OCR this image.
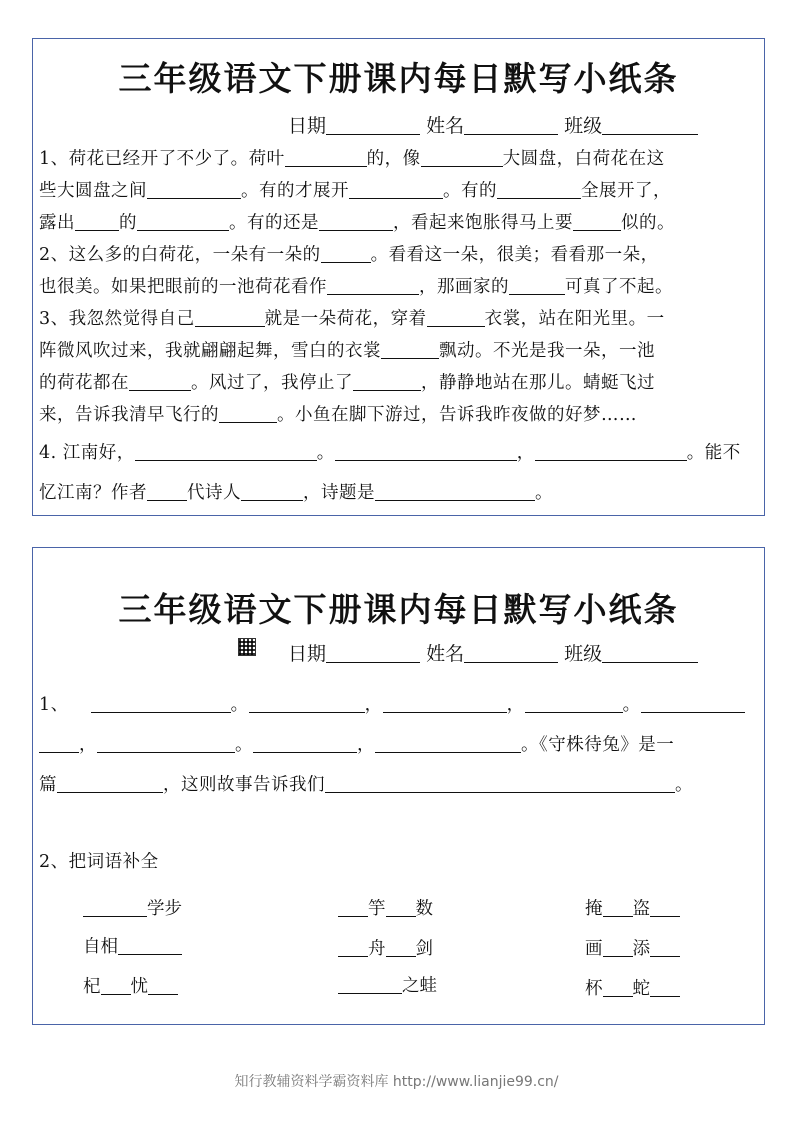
三年级语文下册课内每日默写小纸条
日期	姓名	班级
1、荷花已经开了不少了。荷叶	的，像	大圆盘，白荷花在这
些大圆盘之间	。有的才展开	。有的	全展开了，
露出	的	。有的还是	，看起来饱胀得马上要	似的。
2、这么多的白荷花，一朵有一朵的	。看看这一朵，很美；看看那一朵，
也很美。如果把眼前的一池荷花看作	，那画家的	可真了不起。
3、我忽然觉得自己	就是一朵荷花，穿着	衣裳，站在阳光里。一
阵微风吹过来，我就翩翩起舞，雪白的衣裳	飘动。不光是我一朵，一池
的荷花都在	。风过了，我停止了	，静静地站在那儿。蜻蜓飞过
来，告诉我清早飞行的	。小鱼在脚下游过，告诉我昨夜做的好梦……
4. 江南好，	。	，	。能不
忆江南？作者 代诗人	，诗题是	。
三年级语文下册课内每日默写小纸条
日期	姓名	班级
1、	。	，	，	。
，	。	，	。《守株待兔》是一
篇	，这则故事告诉我们	。
2、把词语补全
学步	竽 数	掩 盗
自相	舟 剑	画 添
杞 忧	之蛙	杯 蛇
知行教辅资料学霸资料库 http://www.lianjie99.cn/
